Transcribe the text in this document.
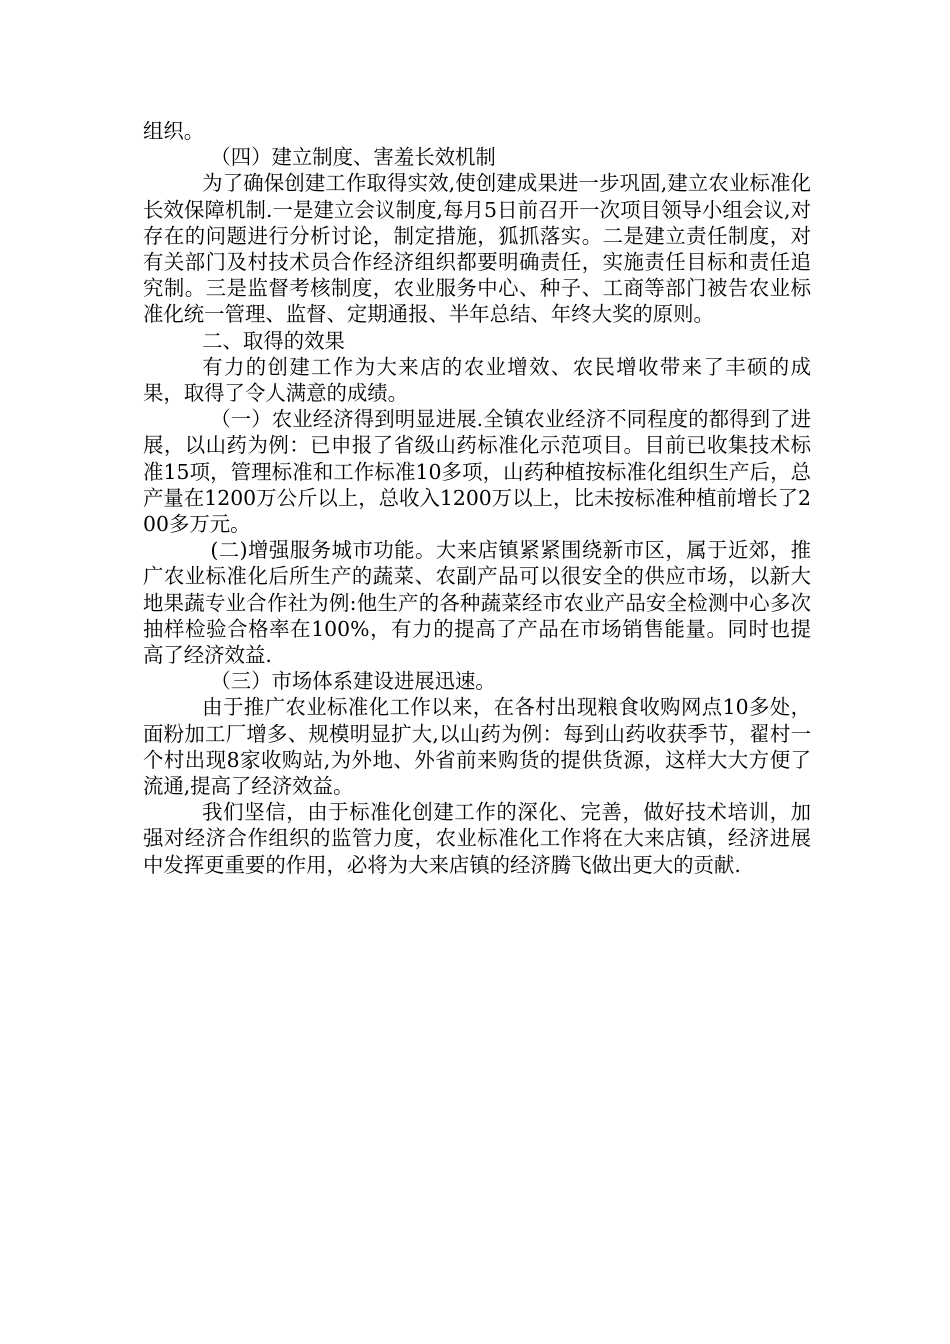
组织。

（四）建立制度、害羞长效机制

为了确保创建工作取得实效,使创建成果进一步巩固,建立农业标准化长效保障机制.一是建立会议制度,每月5日前召开一次项目领导小组会议,对存在的问题进行分析讨论，制定措施，狐抓落实。二是建立责任制度，对有关部门及村技术员合作经济组织都要明确责任，实施责任目标和责任追究制。三是监督考核制度，农业服务中心、种子、工商等部门被告农业标准化统一管理、监督、定期通报、半年总结、年终大奖的原则。

二、取得的效果

有力的创建工作为大来店的农业增效、农民增收带来了丰硕的成果，取得了令人满意的成绩。

（一）农业经济得到明显进展.全镇农业经济不同程度的都得到了进展，以山药为例：已申报了省级山药标准化示范项目。目前已收集技术标准15项，管理标准和工作标准10多项，山药种植按标准化组织生产后，总产量在1200万公斤以上，总收入1200万以上，比未按标准种植前增长了200多万元。

(二)增强服务城市功能。大来店镇紧紧围绕新市区，属于近郊，推广农业标准化后所生产的蔬菜、农副产品可以很安全的供应市场，以新大地果蔬专业合作社为例:他生产的各种蔬菜经市农业产品安全检测中心多次抽样检验合格率在100%，有力的提高了产品在市场销售能量。同时也提高了经济效益.

（三）市场体系建设进展迅速。

由于推广农业标准化工作以来，在各村出现粮食收购网点10多处，面粉加工厂增多、规模明显扩大,以山药为例：每到山药收获季节，翟村一个村出现8家收购站,为外地、外省前来购货的提供货源，这样大大方便了流通,提高了经济效益。

我们坚信，由于标准化创建工作的深化、完善，做好技术培训，加强对经济合作组织的监管力度，农业标准化工作将在大来店镇，经济进展中发挥更重要的作用，必将为大来店镇的经济腾飞做出更大的贡献.
